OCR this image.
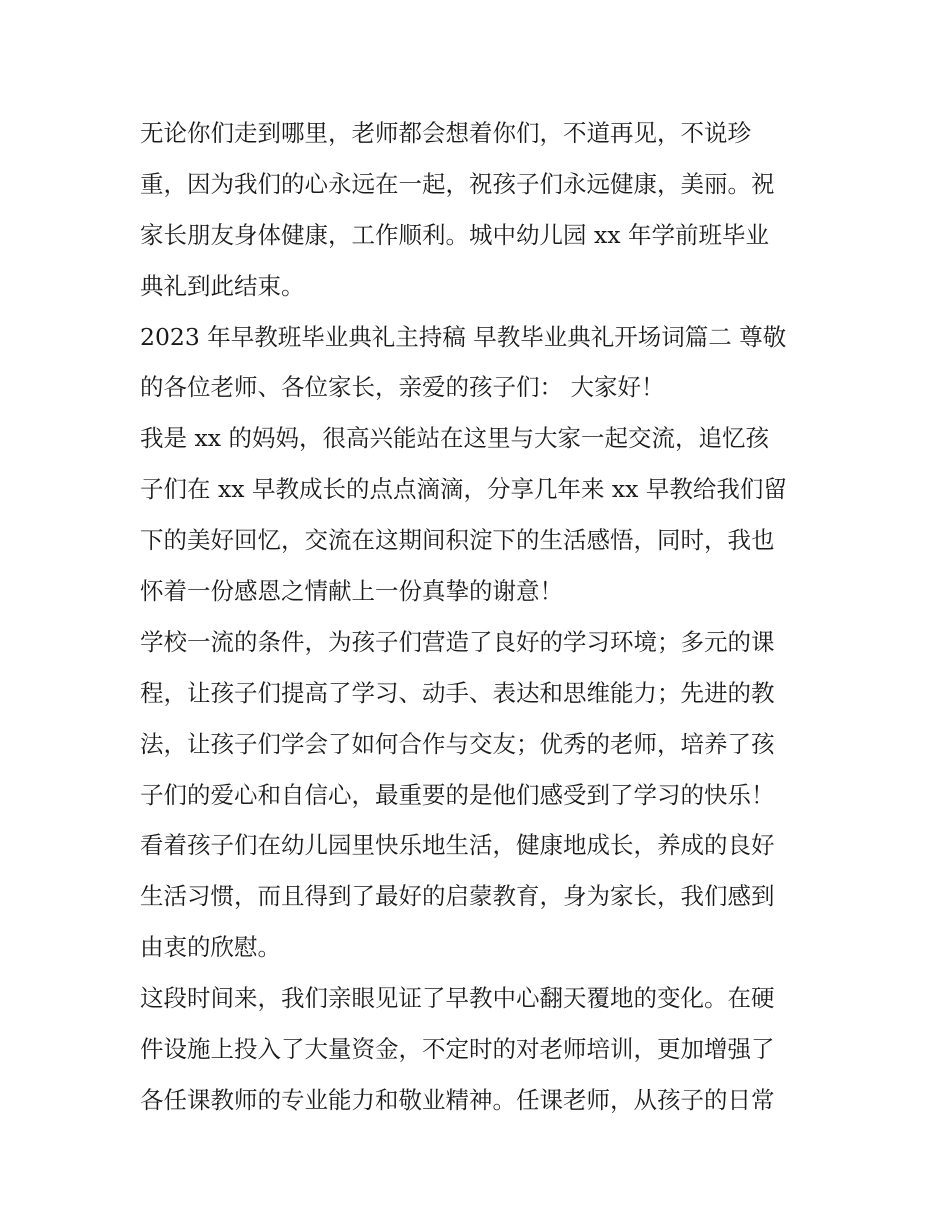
无论你们走到哪里，老师都会想着你们，不道再见，不说珍
重，因为我们的心永远在一起，祝孩子们永远健康，美丽。祝
家长朋友身体健康，工作顺利。城中幼儿园 xx 年学前班毕业
典礼到此结束。
2023 年早教班毕业典礼主持稿 早教毕业典礼开场词篇二 尊敬
的各位老师、各位家长，亲爱的孩子们： 大家好！
我是 xx 的妈妈，很高兴能站在这里与大家一起交流，追忆孩
子们在 xx 早教成长的点点滴滴，分享几年来 xx 早教给我们留
下的美好回忆，交流在这期间积淀下的生活感悟，同时，我也
怀着一份感恩之情献上一份真挚的谢意！
学校一流的条件，为孩子们营造了良好的学习环境；多元的课
程，让孩子们提高了学习、动手、表达和思维能力；先进的教
法，让孩子们学会了如何合作与交友；优秀的老师，培养了孩
子们的爱心和自信心，最重要的是他们感受到了学习的快乐！
看着孩子们在幼儿园里快乐地生活，健康地成长，养成的良好
生活习惯，而且得到了最好的启蒙教育，身为家长，我们感到
由衷的欣慰。
这段时间来，我们亲眼见证了早教中心翻天覆地的变化。在硬
件设施上投入了大量资金，不定时的对老师培训，更加增强了
各任课教师的专业能力和敬业精神。任课老师，从孩子的日常
